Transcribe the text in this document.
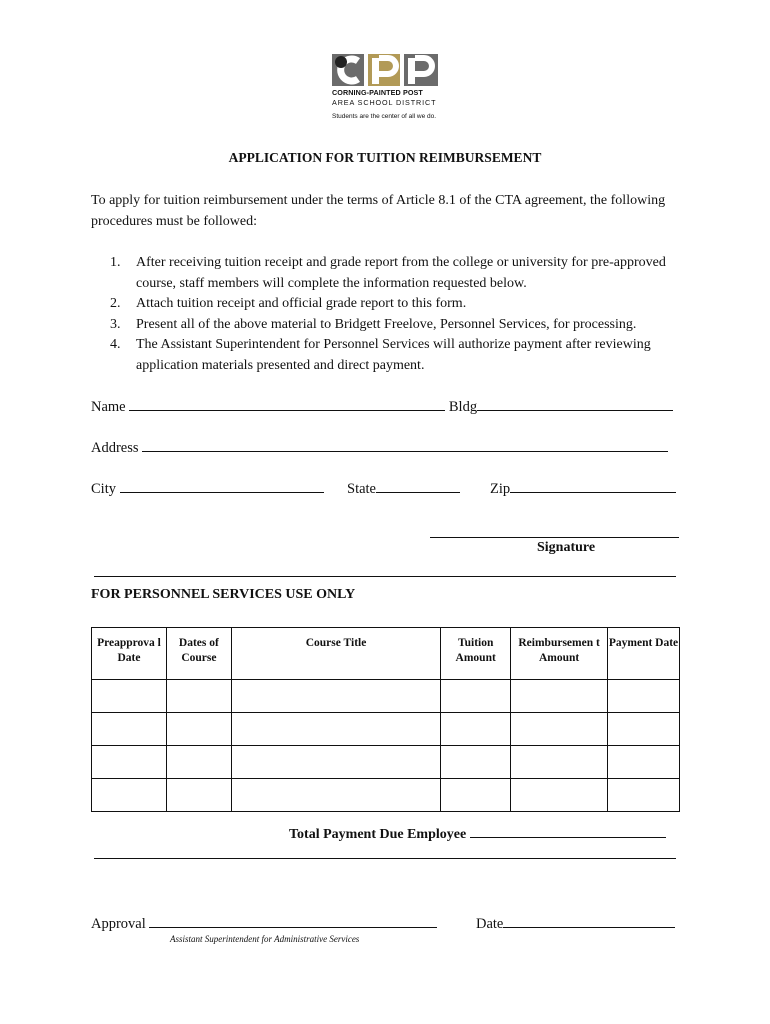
CORNING-PAINTED POST
AREA SCHOOL DISTRICT
Students are the center of all we do.
APPLICATION FOR TUITION REIMBURSEMENT
To apply for tuition reimbursement under the terms of Article 8.1 of the CTA agreement, the following procedures must be followed:
1. After receiving tuition receipt and grade report from the college or university for pre-approved course, staff members will complete the information requested below.
2. Attach tuition receipt and official grade report to this form.
3. Present all of the above material to Bridgett Freelove, Personnel Services, for processing.
4. The Assistant Superintendent for Personnel Services will authorize payment after reviewing application materials presented and direct payment.
Name	Bldg
Address
City	State	Zip
Signature
FOR PERSONNEL SERVICES USE ONLY
Preapprova l Date	Dates of Course	Course Title	Tuition Amount	Reimbursemen t Amount	Payment Date

Total Payment Due Employee
Approval
Assistant Superintendent for Administrative Services
Date
